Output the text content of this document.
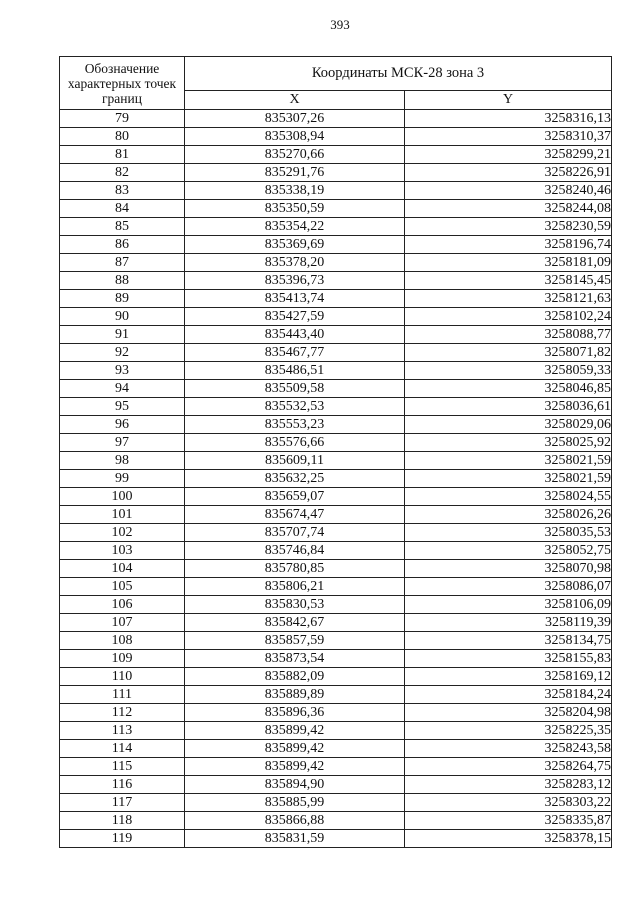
393
Обозначение характерных точек границ	Координаты МСК-28 зона 3	
	X	Y
79	835307,26	3258316,13
80	835308,94	3258310,37
81	835270,66	3258299,21
82	835291,76	3258226,91
83	835338,19	3258240,46
84	835350,59	3258244,08
85	835354,22	3258230,59
86	835369,69	3258196,74
87	835378,20	3258181,09
88	835396,73	3258145,45
89	835413,74	3258121,63
90	835427,59	3258102,24
91	835443,40	3258088,77
92	835467,77	3258071,82
93	835486,51	3258059,33
94	835509,58	3258046,85
95	835532,53	3258036,61
96	835553,23	3258029,06
97	835576,66	3258025,92
98	835609,11	3258021,59
99	835632,25	3258021,59
100	835659,07	3258024,55
101	835674,47	3258026,26
102	835707,74	3258035,53
103	835746,84	3258052,75
104	835780,85	3258070,98
105	835806,21	3258086,07
106	835830,53	3258106,09
107	835842,67	3258119,39
108	835857,59	3258134,75
109	835873,54	3258155,83
110	835882,09	3258169,12
111	835889,89	3258184,24
112	835896,36	3258204,98
113	835899,42	3258225,35
114	835899,42	3258243,58
115	835899,42	3258264,75
116	835894,90	3258283,12
117	835885,99	3258303,22
118	835866,88	3258335,87
119	835831,59	3258378,15
